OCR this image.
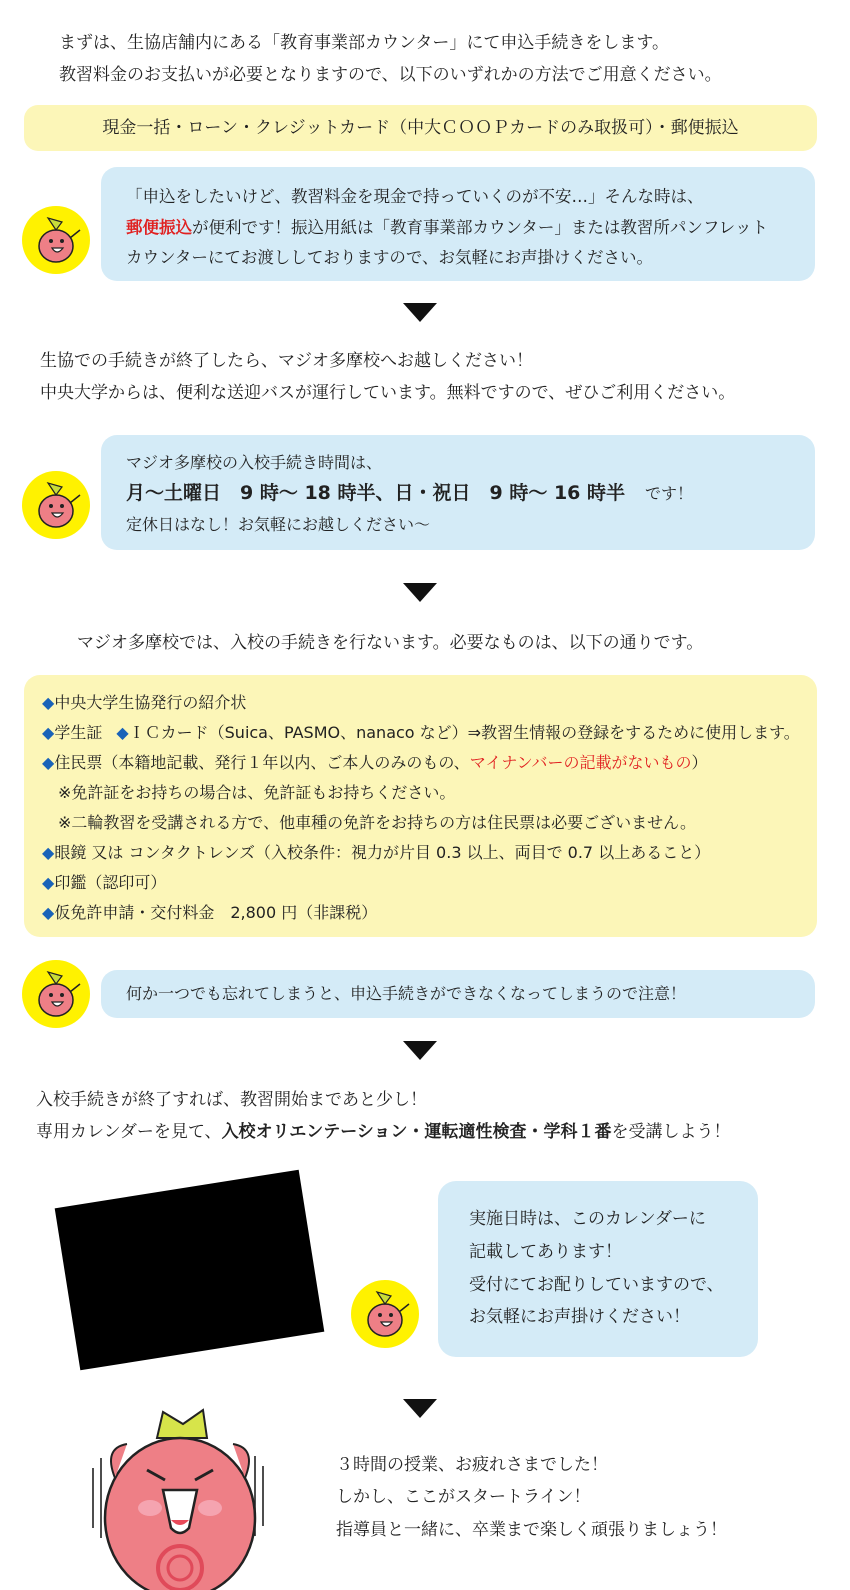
まずは、生協店舗内にある「教育事業部カウンター」にて申込手続きをします。
教習料金のお支払いが必要となりますので、以下のいずれかの方法でご用意ください。
現金一括・ローン・クレジットカード（中大ＣＯＯＰカードのみ取扱可）・郵便振込
「申込をしたいけど、教習料金を現金で持っていくのが不安…」そんな時は、
郵便振込が便利です！振込用紙は「教育事業部カウンター」または教習所パンフレット
カウンターにてお渡ししておりますので、お気軽にお声掛けください。
生協での手続きが終了したら、マジオ多摩校へお越しください！
中央大学からは、便利な送迎バスが運行しています。無料ですので、ぜひご利用ください。
マジオ多摩校の入校手続き時間は、
月〜土曜日　9 時〜 18 時半、日・祝日　9 時〜 16 時半 です！
定休日はなし！お気軽にお越しください〜
マジオ多摩校では、入校の手続きを行ないます。必要なものは、以下の通りです。
◆中央大学生協発行の紹介状
◆学生証 ◆ＩＣカード（Suica、PASMO、nanaco など）⇒教習生情報の登録をするために使用します。
◆住民票（本籍地記載、発行１年以内、ご本人のみのもの、マイナンバーの記載がないもの）
※免許証をお持ちの場合は、免許証もお持ちください。
※二輪教習を受講される方で、他車種の免許をお持ちの方は住民票は必要ございません。
◆眼鏡 又は コンタクトレンズ（入校条件：視力が片目 0.3 以上、両目で 0.7 以上あること）
◆印鑑（認印可）
◆仮免許申請・交付料金　2,800 円（非課税）
何か一つでも忘れてしまうと、申込手続きができなくなってしまうので注意！
入校手続きが終了すれば、教習開始まであと少し！
専用カレンダーを見て、入校オリエンテーション・運転適性検査・学科１番を受講しよう！
実施日時は、このカレンダーに
記載してあります！
受付にてお配りしていますので、
お気軽にお声掛けください！
３時間の授業、お疲れさまでした！
しかし、ここがスタートライン！
指導員と一緒に、卒業まで楽しく頑張りましょう！
